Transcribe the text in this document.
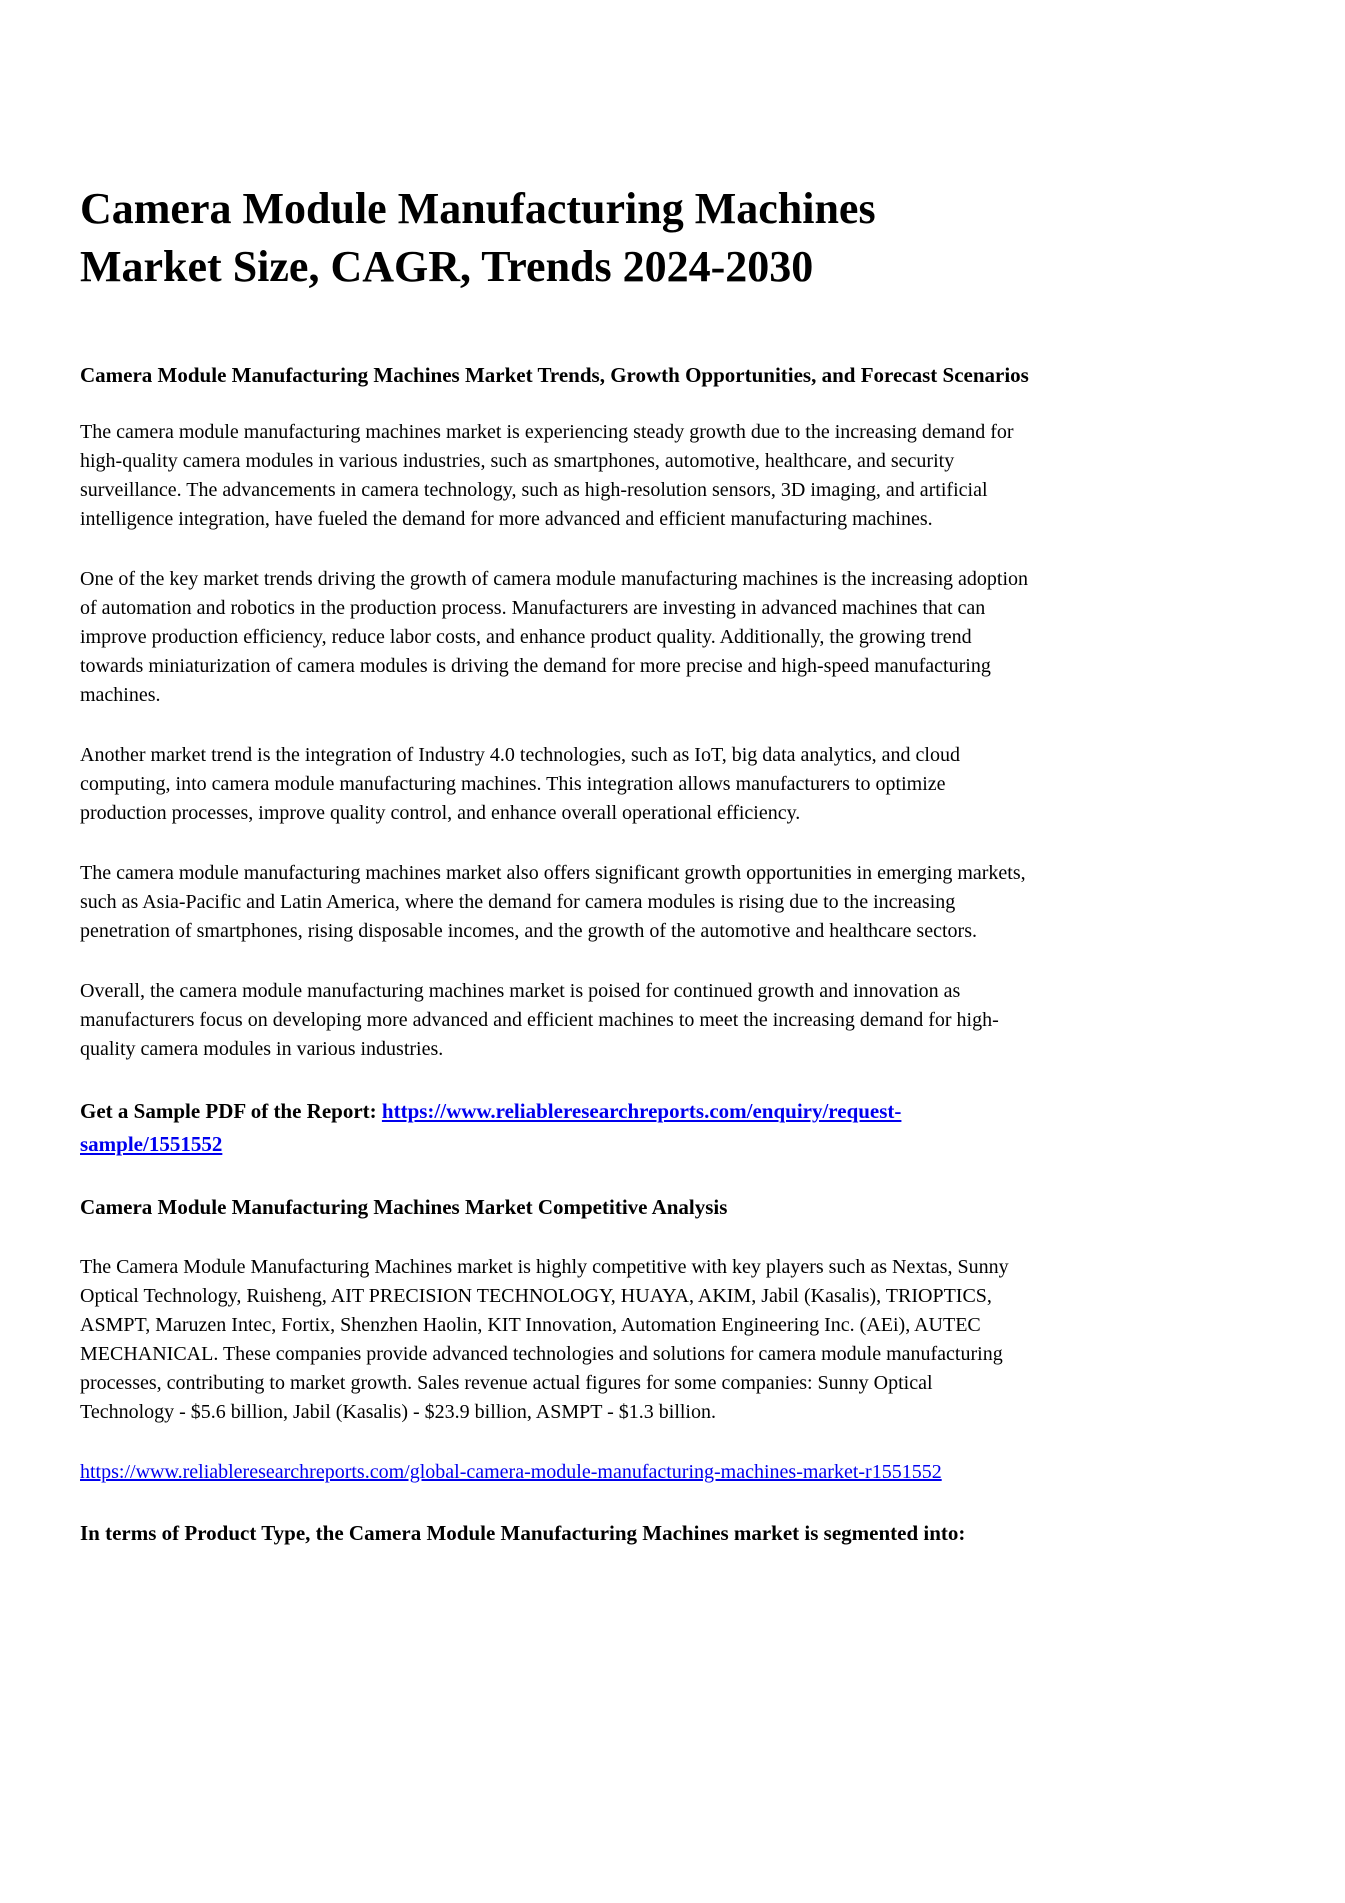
Camera Module Manufacturing Machines Market Size, CAGR, Trends 2024-2030
Camera Module Manufacturing Machines Market Trends, Growth Opportunities, and Forecast Scenarios

The camera module manufacturing machines market is experiencing steady growth due to the increasing demand for high-quality camera modules in various industries, such as smartphones, automotive, healthcare, and security surveillance. The advancements in camera technology, such as high-resolution sensors, 3D imaging, and artificial intelligence integration, have fueled the demand for more advanced and efficient manufacturing machines.

One of the key market trends driving the growth of camera module manufacturing machines is the increasing adoption of automation and robotics in the production process. Manufacturers are investing in advanced machines that can improve production efficiency, reduce labor costs, and enhance product quality. Additionally, the growing trend towards miniaturization of camera modules is driving the demand for more precise and high-speed manufacturing machines.

Another market trend is the integration of Industry 4.0 technologies, such as IoT, big data analytics, and cloud computing, into camera module manufacturing machines. This integration allows manufacturers to optimize production processes, improve quality control, and enhance overall operational efficiency.

The camera module manufacturing machines market also offers significant growth opportunities in emerging markets, such as Asia-Pacific and Latin America, where the demand for camera modules is rising due to the increasing penetration of smartphones, rising disposable incomes, and the growth of the automotive and healthcare sectors.

Overall, the camera module manufacturing machines market is poised for continued growth and innovation as manufacturers focus on developing more advanced and efficient machines to meet the increasing demand for high-quality camera modules in various industries.

Get a Sample PDF of the Report: https://www.reliableresearchreports.com/enquiry/request-sample/1551552

Camera Module Manufacturing Machines Market Competitive Analysis

The Camera Module Manufacturing Machines market is highly competitive with key players such as Nextas, Sunny Optical Technology, Ruisheng, AIT PRECISION TECHNOLOGY, HUAYA, AKIM, Jabil (Kasalis), TRIOPTICS, ASMPT, Maruzen Intec, Fortix, Shenzhen Haolin, KIT Innovation, Automation Engineering Inc. (AEi), AUTEC MECHANICAL. These companies provide advanced technologies and solutions for camera module manufacturing processes, contributing to market growth. Sales revenue actual figures for some companies: Sunny Optical Technology - $5.6 billion, Jabil (Kasalis) - $23.9 billion, ASMPT - $1.3 billion.

https://www.reliableresearchreports.com/global-camera-module-manufacturing-machines-market-r1551552

In terms of Product Type, the Camera Module Manufacturing Machines market is segmented into:
